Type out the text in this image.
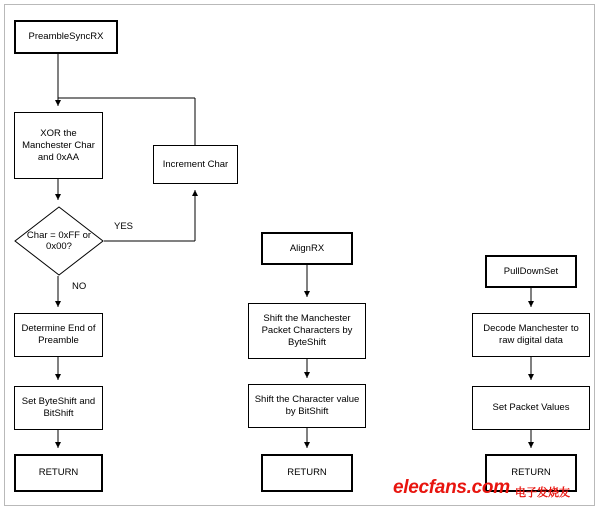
PreambleSyncRX
XOR the Manchester Char and 0xAA
Increment Char
Char = 0xFF or 0x00?
Determine End of Preamble
Set ByteShift and BitShift
RETURN
AlignRX
Shift the Manchester Packet Characters by ByteShift
Shift the Character value by BitShift
RETURN
PullDownSet
Decode Manchester to raw digital data
Set Packet Values
RETURN
YES
NO
elecfans.com 电子发烧友
